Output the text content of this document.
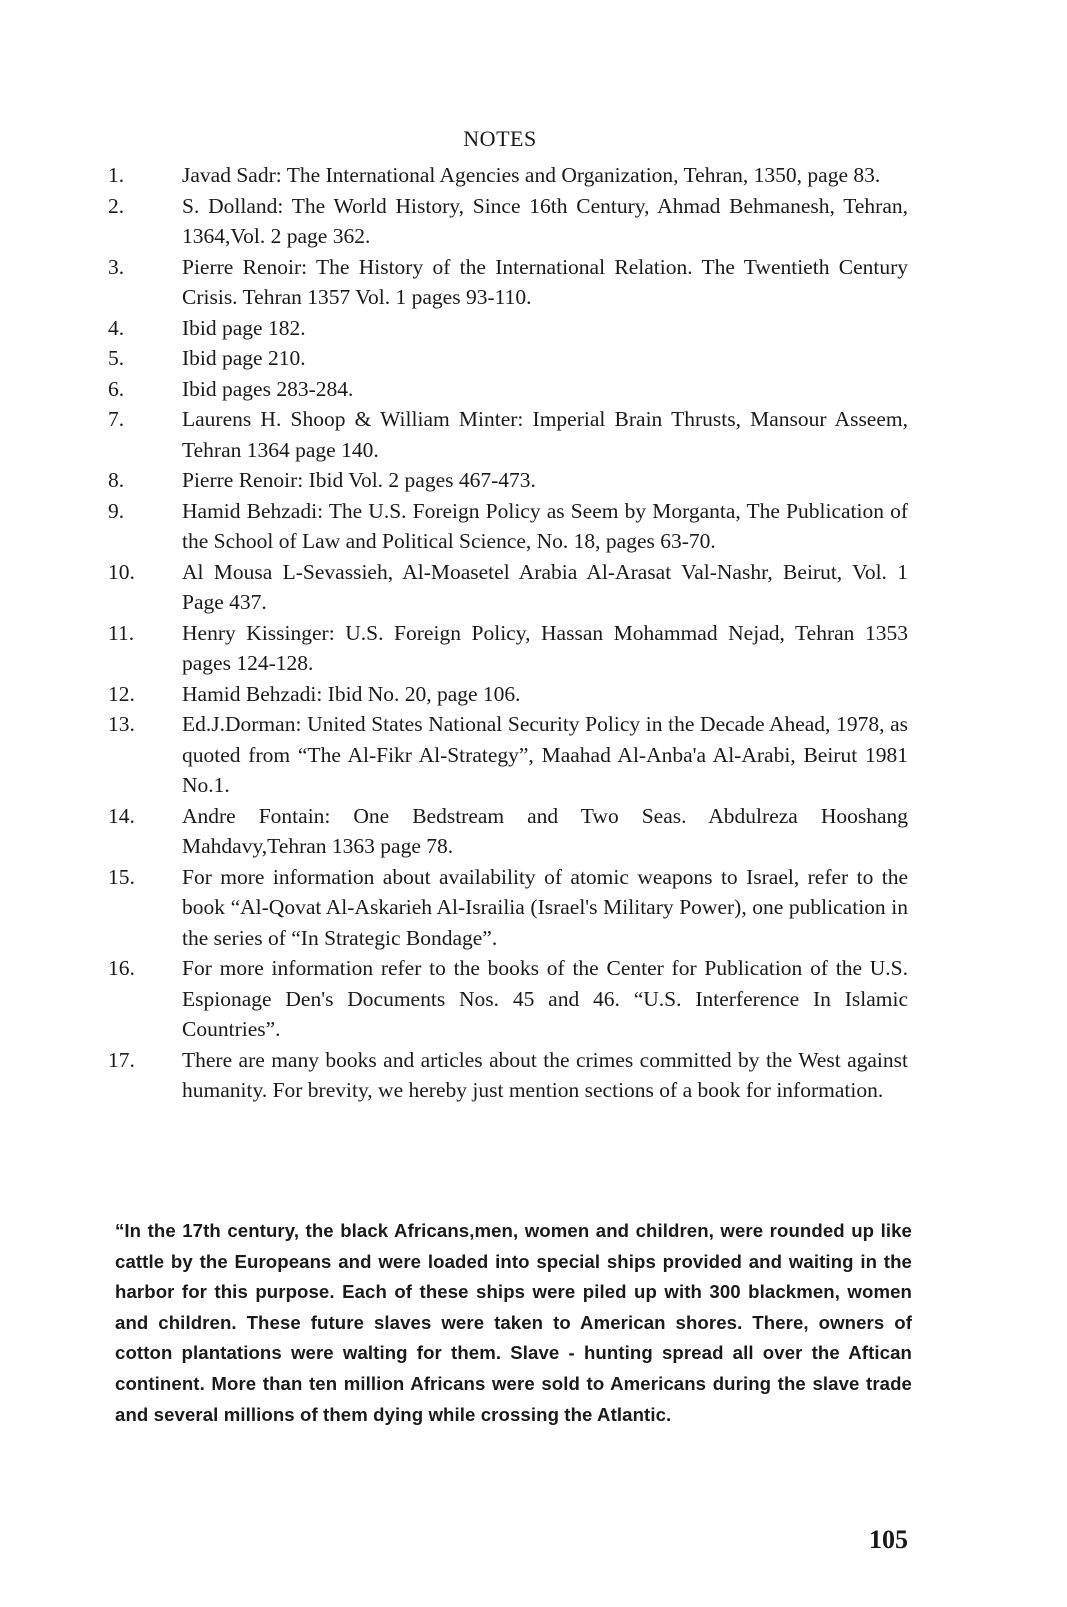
NOTES
1.	Javad Sadr: The International Agencies and Organization, Tehran, 1350, page 83.
2.	S. Dolland: The World History, Since 16th Century, Ahmad Behmanesh, Tehran, 1364,Vol. 2 page 362.
3.	Pierre Renoir: The History of the International Relation. The Twentieth Century Crisis. Tehran 1357 Vol. 1 pages 93-110.
4.	Ibid page 182.
5.	Ibid page 210.
6.	Ibid pages 283-284.
7.	Laurens H. Shoop & William Minter: Imperial Brain Thrusts, Mansour Asseem, Tehran 1364 page 140.
8.	Pierre Renoir: Ibid Vol. 2 pages 467-473.
9.	Hamid Behzadi: The U.S. Foreign Policy as Seem by Morganta, The Publication of the School of Law and Political Science, No. 18, pages 63-70.
10.	Al Mousa L-Sevassieh, Al-Moasetel Arabia Al-Arasat Val-Nashr, Beirut, Vol. 1 Page 437.
11.	Henry Kissinger: U.S. Foreign Policy, Hassan Mohammad Nejad, Tehran 1353 pages 124-128.
12.	Hamid Behzadi: Ibid No. 20, page 106.
13.	Ed.J.Dorman: United States National Security Policy in the Decade Ahead, 1978, as quoted from “The Al-Fikr Al-Strategy”, Maahad Al-Anba'a Al-Arabi, Beirut 1981 No.1.
14.	Andre Fontain: One Bedstream and Two Seas. Abdulreza Hooshang Mahdavy,Tehran 1363 page 78.
15.	For more information about availability of atomic weapons to Israel, refer to the book “Al-Qovat Al-Askarieh Al-Israilia (Israel's Military Power), one publication in the series of “In Strategic Bondage”.
16.	For more information refer to the books of the Center for Publication of the U.S. Espionage Den's Documents Nos. 45 and 46. “U.S. Interference In Islamic Countries”.
17.	There are many books and articles about the crimes committed by the West against humanity. For brevity, we hereby just mention sections of a book for information.

“In the 17th century, the black Africans,men, women and children, were rounded up like cattle by the Europeans and were loaded into special ships provided and waiting in the harbor for this purpose. Each of these ships were piled up with 300 blackmen, women and children. These future slaves were taken to American shores. There, owners of cotton plantations were walting for them. Slave - hunting spread all over the Aftican continent. More than ten million Africans were sold to Americans during the slave trade and several millions of them dying while crossing the Atlantic.

105
